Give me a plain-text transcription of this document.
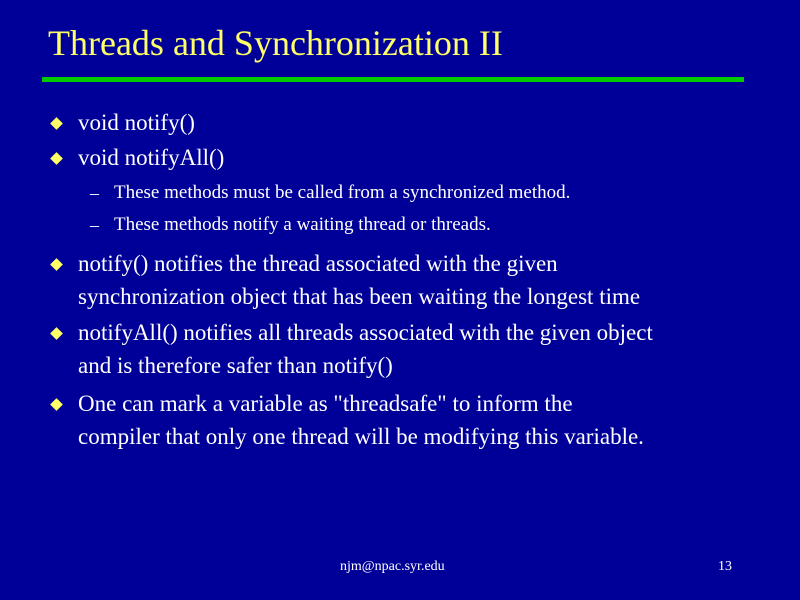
Threads and Synchronization II
void notify()
void notifyAll()
– These methods must be called from a synchronized method.
– These methods notify a waiting thread or threads.
notify() notifies the thread associated with the given
synchronization object that has been waiting the longest time
notifyAll() notifies all threads associated with the given object
and is therefore safer than notify()
One can mark a variable as "threadsafe" to inform the
compiler that only one thread will be modifying this variable.
njm@npac.syr.edu	13
